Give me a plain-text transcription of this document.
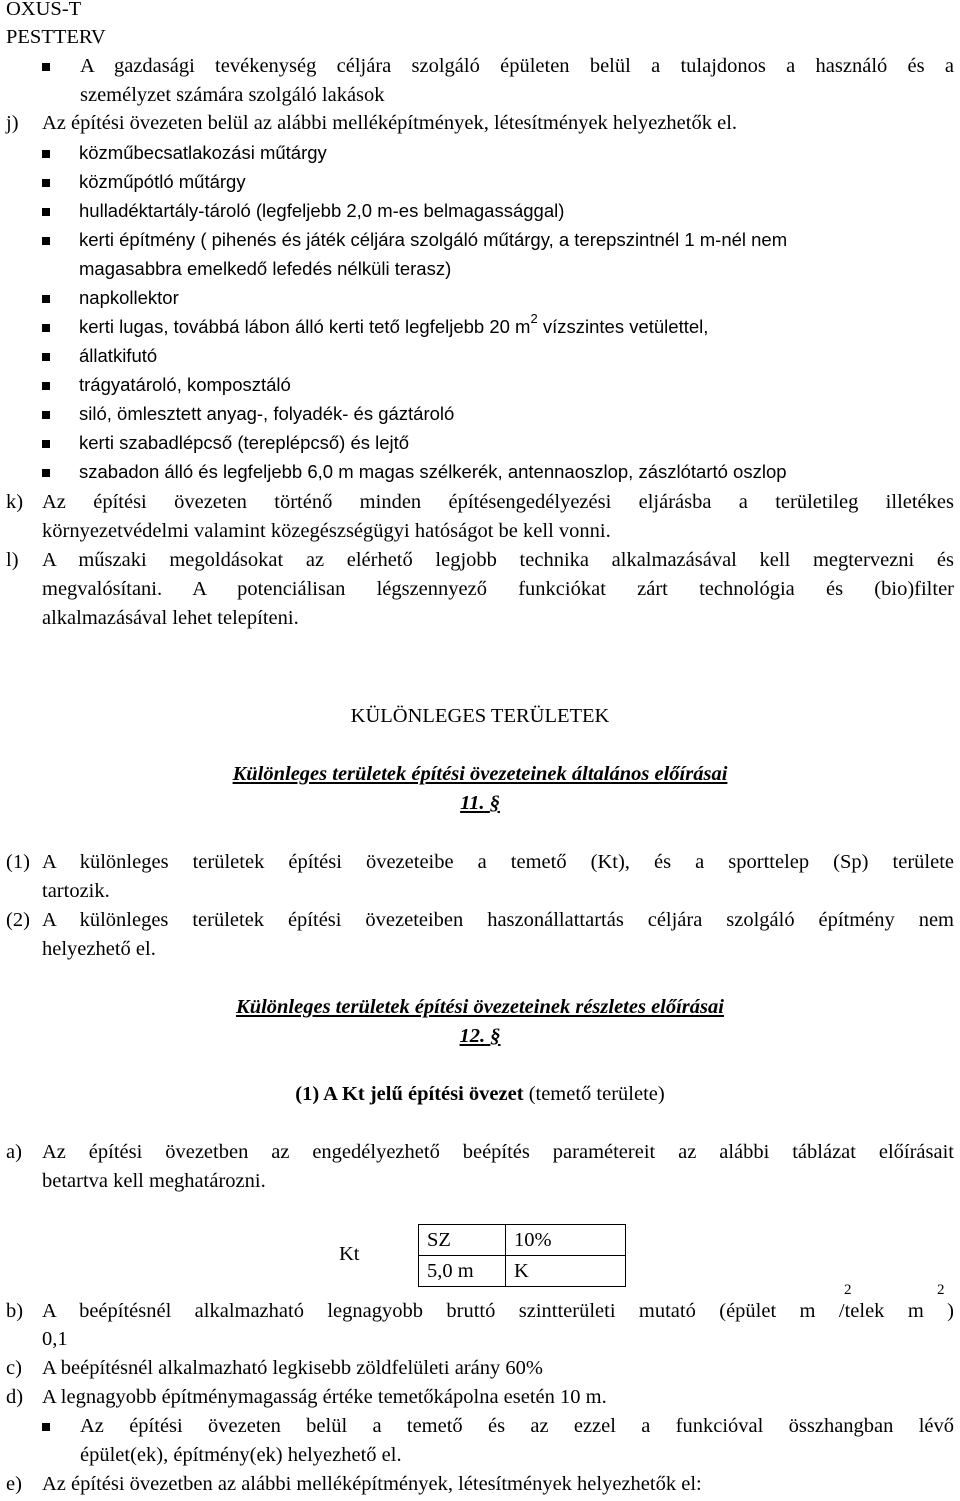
OXUS-T
PESTTERV
A gazdasági tevékenység céljára szolgáló épületen belül a tulajdonos a használó és a
személyzet számára szolgáló lakások
j) Az építési övezeten belül az alábbi melléképítmények, létesítmények helyezhetők el.
közműbecsatlakozási műtárgy
közműpótló műtárgy
hulladéktartály-tároló (legfeljebb 2,0 m-es belmagassággal)
kerti építmény ( pihenés és játék céljára szolgáló műtárgy, a terepszintnél 1 m-nél nem
magasabbra emelkedő lefedés nélküli terasz)
napkollektor
kerti lugas, továbbá lábon álló kerti tető legfeljebb 20 $m^2$ vízszintes vetülettel,
állatkifutó
trágyatároló, komposztáló
siló, ömlesztett anyag-, folyadék- és gáztároló
kerti szabadlépcső (tereplépcső) és lejtő
szabadon álló és legfeljebb 6,0 m magas szélkerék, antennaoszlop, zászlótartó oszlop
k) Az építési övezeten történő minden építésengedélyezési eljárásba a területileg illetékes
környezetvédelmi valamint közegészségügyi hatóságot be kell vonni.
l) A műszaki megoldásokat az elérhető legjobb technika alkalmazásával kell megtervezni és
megvalósítani. A potenciálisan légszennyező funkciókat zárt technológia és (bio)filter
alkalmazásával lehet telepíteni.
KÜLÖNLEGES TERÜLETEK
Különleges területek építési övezeteinek általános előírásai
11. §
(1) A különleges területek építési övezeteibe a temető (Kt), és a sporttelep (Sp) területe
tartozik.
(2) A különleges területek építési övezeteiben haszonállattartás céljára szolgáló építmény nem
helyezhető el.
Különleges területek építési övezeteinek részletes előírásai
12. §
(1) A Kt jelű építési övezet (temető területe)
a) Az építési övezetben az engedélyezhető beépítés paramétereit az alábbi táblázat előírásait
betartva kell meghatározni.
Kt
SZ	10%
5,0 m	K
2	2
b) A beépítésnél alkalmazható legnagyobb bruttó szintterületi mutató (épület m /telek m )
0,1
c) A beépítésnél alkalmazható legkisebb zöldfelületi arány 60%
d) A legnagyobb építménymagasság értéke temetőkápolna esetén 10 m.
Az építési övezeten belül a temető és az ezzel a funkcióval összhangban lévő
épület(ek), építmény(ek) helyezhető el.
e) Az építési övezetben az alábbi melléképítmények, létesítmények helyezhetők el:
